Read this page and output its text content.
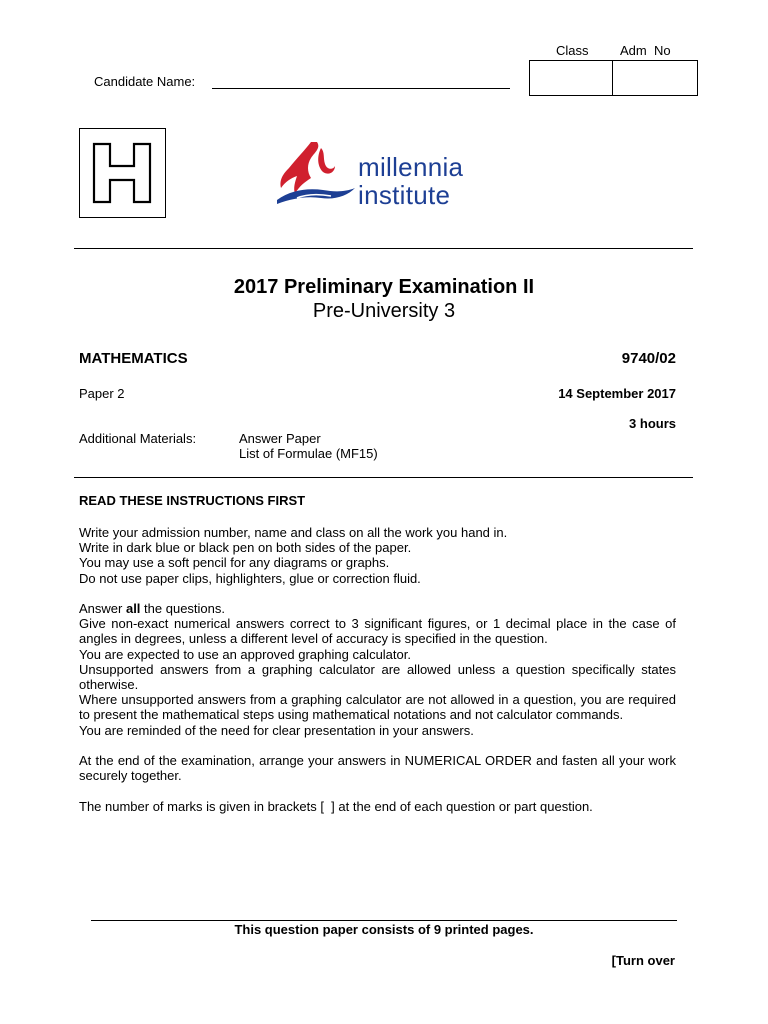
Class Adm  No
Candidate Name:
millennia
institute
2017 Preliminary Examination II
Pre-University 3
MATHEMATICS	9740/02
Paper 2	14 September 2017
3 hours
Additional Materials:	Answer Paper
List of Formulae (MF15)
READ THESE INSTRUCTIONS FIRST

Write your admission number, name and class on all the work you hand in.
Write in dark blue or black pen on both sides of the paper.
You may use a soft pencil for any diagrams or graphs.
Do not use paper clips, highlighters, glue or correction fluid.

Answer all the questions.
Give non-exact numerical answers correct to 3 significant figures, or 1 decimal place in the case of angles in degrees, unless a different level of accuracy is specified in the question.
You are expected to use an approved graphing calculator.
Unsupported answers from a graphing calculator are allowed unless a question specifically states otherwise.
Where unsupported answers from a graphing calculator are not allowed in a question, you are required to present the mathematical steps using mathematical notations and not calculator commands.
You are reminded of the need for clear presentation in your answers.

At the end of the examination, arrange your answers in NUMERICAL ORDER and fasten all your work securely together.

The number of marks is given in brackets [  ] at the end of each question or part question.

This question paper consists of 9 printed pages.
[Turn over
